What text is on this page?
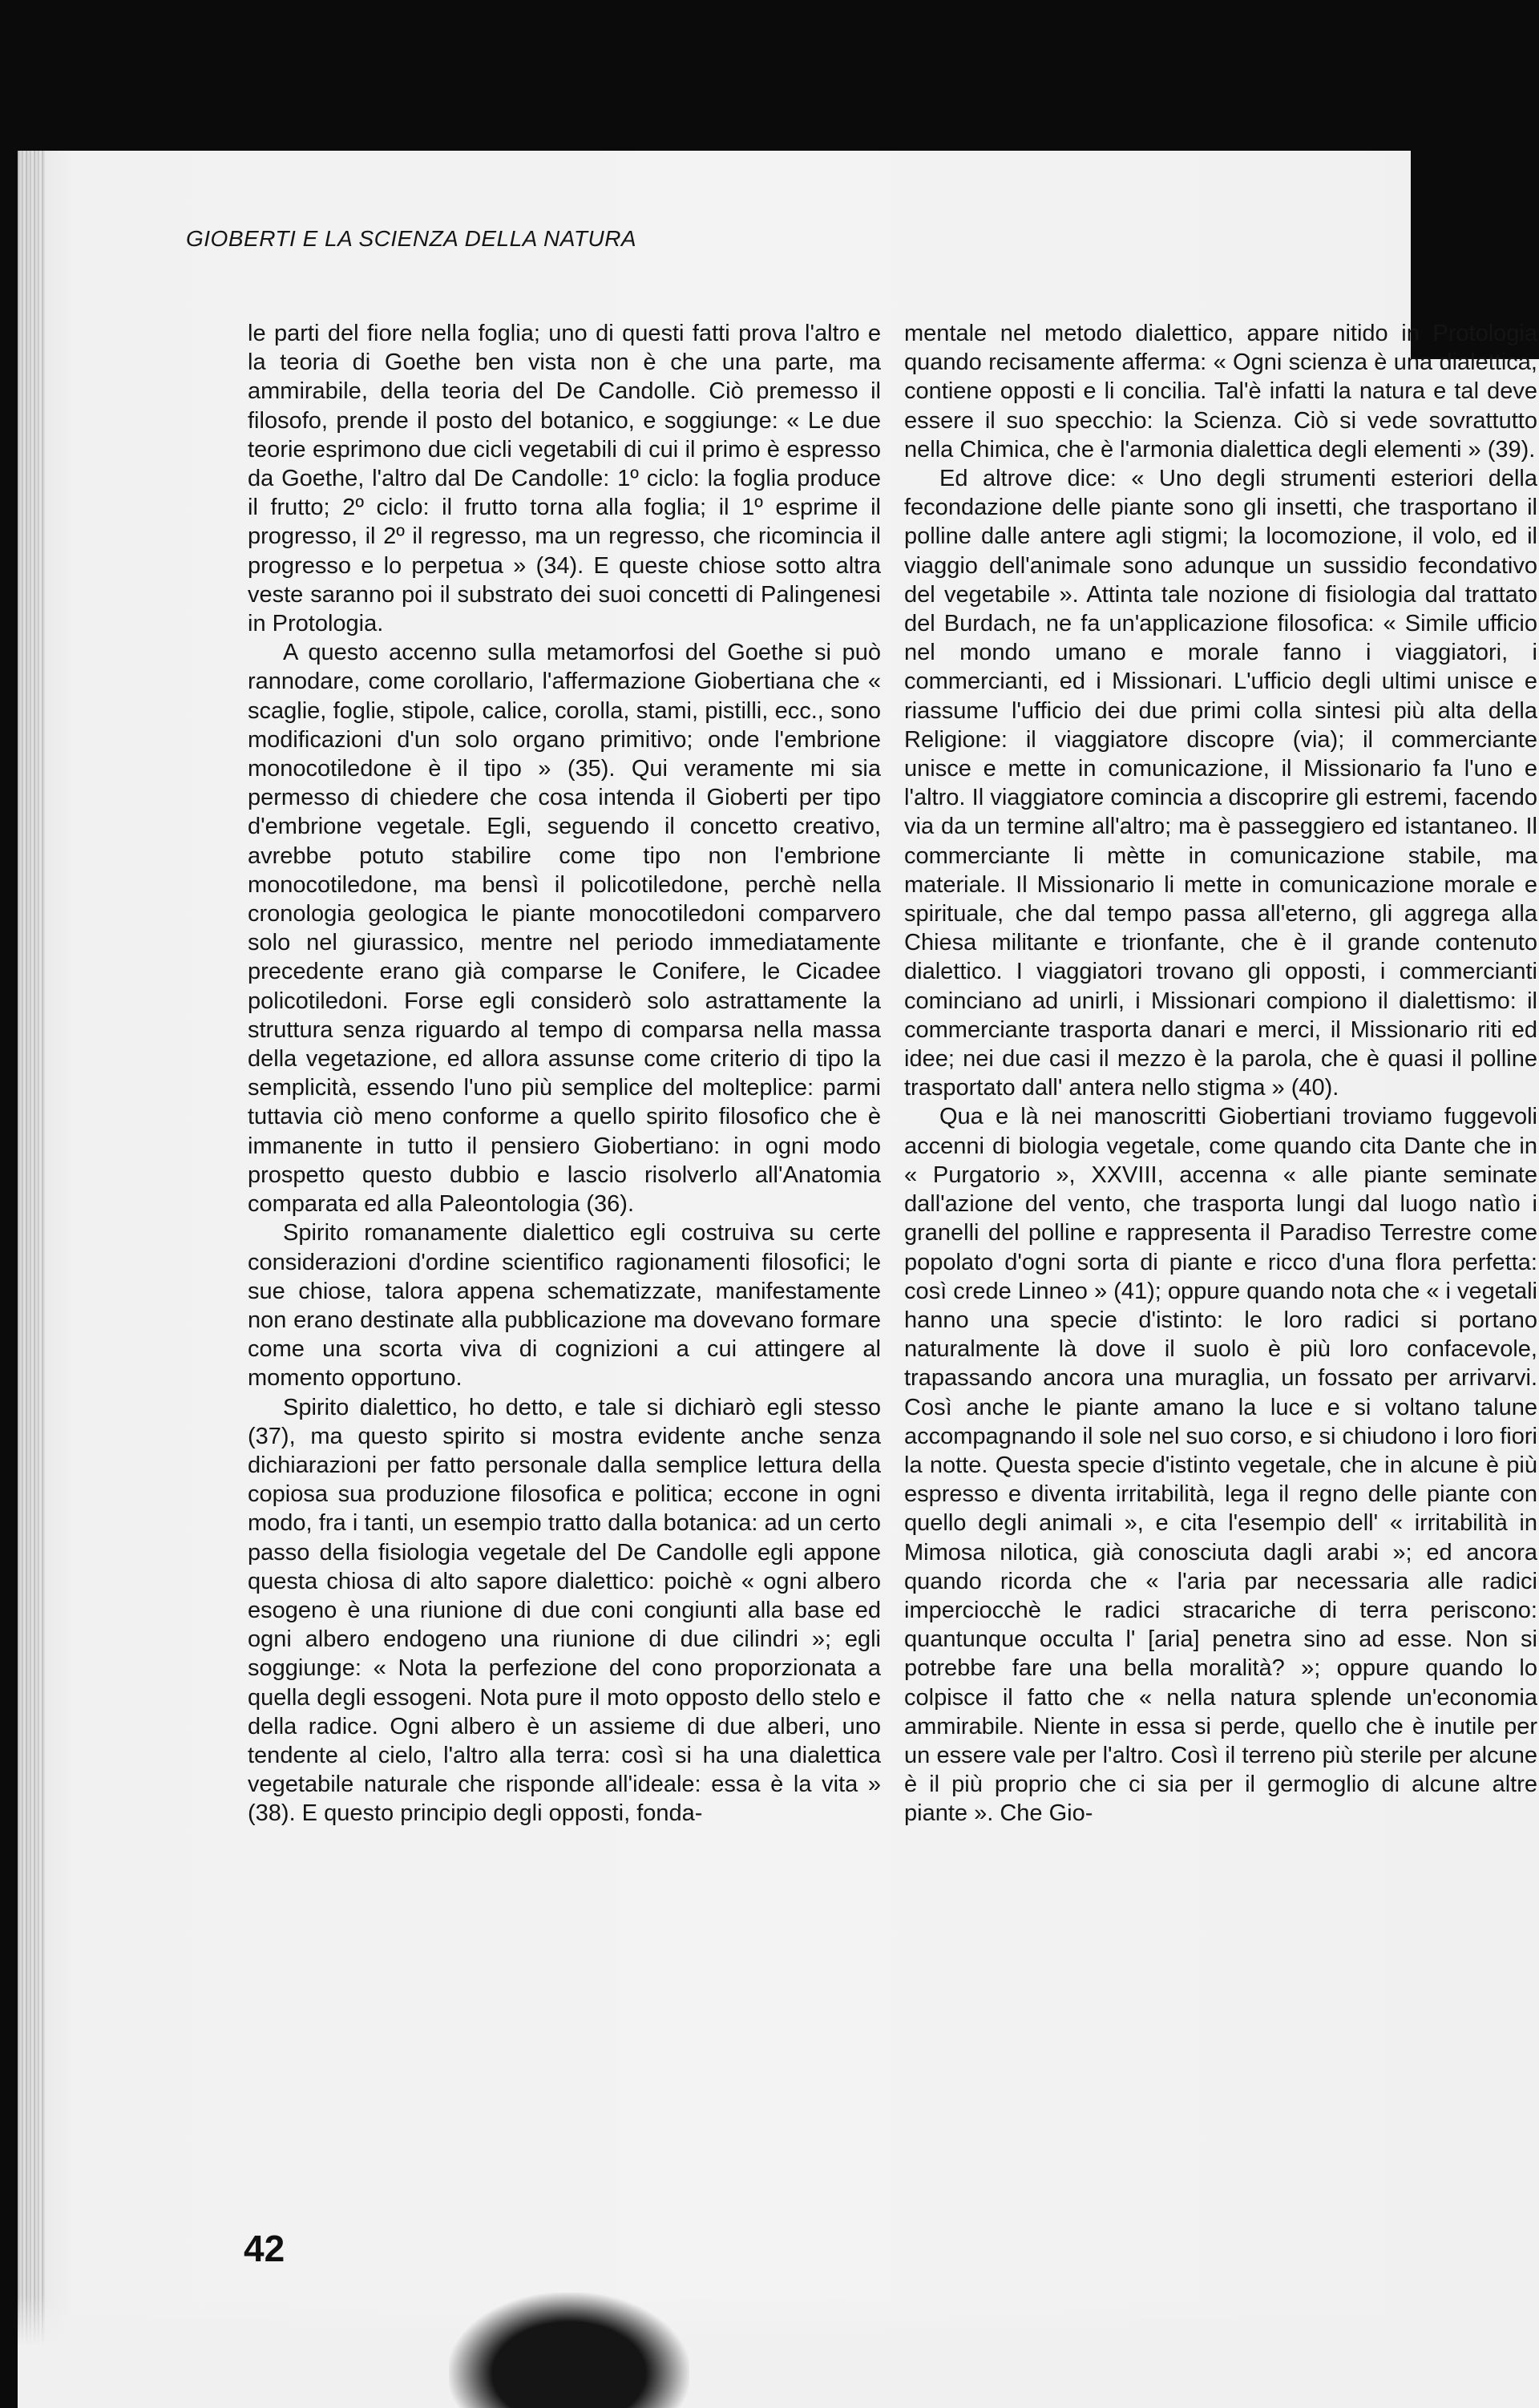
GIOBERTI E LA SCIENZA DELLA NATURA

le parti del fiore nella foglia; uno di questi fatti prova l'altro e la teoria di Goethe ben vista non è che una parte, ma ammirabile, della teoria del De Candolle. Ciò premesso il filosofo, prende il posto del botanico, e soggiunge: « Le due teorie esprimono due cicli vegetabili di cui il primo è espresso da Goethe, l'altro dal De Candolle: 1º ciclo: la foglia produce il frutto; 2º ciclo: il frutto torna alla foglia; il 1º esprime il progresso, il 2º il regresso, ma un regresso, che ricomincia il progresso e lo perpetua » (34). E queste chiose sotto altra veste saranno poi il substrato dei suoi concetti di Palingenesi in Protologia.

A questo accenno sulla metamorfosi del Goethe si può rannodare, come corollario, l'affermazione Giobertiana che « scaglie, foglie, stipole, calice, corolla, stami, pistilli, ecc., sono modificazioni d'un solo organo primitivo; onde l'embrione monocotiledone è il tipo » (35). Qui veramente mi sia permesso di chiedere che cosa intenda il Gioberti per tipo d'embrione vegetale. Egli, seguendo il concetto creativo, avrebbe potuto stabilire come tipo non l'embrione monocotiledone, ma bensì il policotiledone, perchè nella cronologia geologica le piante monocotiledoni comparvero solo nel giurassico, mentre nel periodo immediatamente precedente erano già comparse le Conifere, le Cicadee policotiledoni. Forse egli considerò solo astrattamente la struttura senza riguardo al tempo di comparsa nella massa della vegetazione, ed allora assunse come criterio di tipo la semplicità, essendo l'uno più semplice del molteplice: parmi tuttavia ciò meno conforme a quello spirito filosofico che è immanente in tutto il pensiero Giobertiano: in ogni modo prospetto questo dubbio e lascio risolverlo all'Anatomia comparata ed alla Paleontologia (36).

Spirito romanamente dialettico egli costruiva su certe considerazioni d'ordine scientifico ragionamenti filosofici; le sue chiose, talora appena schematizzate, manifestamente non erano destinate alla pubblicazione ma dovevano formare come una scorta viva di cognizioni a cui attingere al momento opportuno.

Spirito dialettico, ho detto, e tale si dichiarò egli stesso (37), ma questo spirito si mostra evidente anche senza dichiarazioni per fatto personale dalla semplice lettura della copiosa sua produzione filosofica e politica; eccone in ogni modo, fra i tanti, un esempio tratto dalla botanica: ad un certo passo della fisiologia vegetale del De Candolle egli appone questa chiosa di alto sapore dialettico: poichè « ogni albero esogeno è una riunione di due coni congiunti alla base ed ogni albero endogeno una riunione di due cilindri »; egli soggiunge: « Nota la perfezione del cono proporzionata a quella degli essogeni. Nota pure il moto opposto dello stelo e della radice. Ogni albero è un assieme di due alberi, uno tendente al cielo, l'altro alla terra: così si ha una dialettica vegetabile naturale che risponde all'ideale: essa è la vita » (38). E questo principio degli opposti, fonda-

mentale nel metodo dialettico, appare nitido in Protologia quando recisamente afferma: « Ogni scienza è una dialettica, contiene opposti e li concilia. Tal'è infatti la natura e tal deve essere il suo specchio: la Scienza. Ciò si vede sovrattutto nella Chimica, che è l'armonia dialettica degli elementi » (39).

Ed altrove dice: « Uno degli strumenti esteriori della fecondazione delle piante sono gli insetti, che trasportano il polline dalle antere agli stigmi; la locomozione, il volo, ed il viaggio dell'animale sono adunque un sussidio fecondativo del vegetabile ». Attinta tale nozione di fisiologia dal trattato del Burdach, ne fa un'applicazione filosofica: « Simile ufficio nel mondo umano e morale fanno i viaggiatori, i commercianti, ed i Missionari. L'ufficio degli ultimi unisce e riassume l'ufficio dei due primi colla sintesi più alta della Religione: il viaggiatore discopre (via); il commerciante unisce e mette in comunicazione, il Missionario fa l'uno e l'altro. Il viaggiatore comincia a discoprire gli estremi, facendo via da un termine all'altro; ma è passeggiero ed istantaneo. Il commerciante li mètte in comunicazione stabile, ma materiale. Il Missionario li mette in comunicazione morale e spirituale, che dal tempo passa all'eterno, gli aggrega alla Chiesa militante e trionfante, che è il grande contenuto dialettico. I viaggiatori trovano gli opposti, i commercianti cominciano ad unirli, i Missionari compiono il dialettismo: il commerciante trasporta danari e merci, il Missionario riti ed idee; nei due casi il mezzo è la parola, che è quasi il polline trasportato dall' antera nello stigma » (40).

Qua e là nei manoscritti Giobertiani troviamo fuggevoli accenni di biologia vegetale, come quando cita Dante che in « Purgatorio », XXVIII, accenna « alle piante seminate dall'azione del vento, che trasporta lungi dal luogo natìo i granelli del polline e rappresenta il Paradiso Terrestre come popolato d'ogni sorta di piante e ricco d'una flora perfetta: così crede Linneo » (41); oppure quando nota che « i vegetali hanno una specie d'istinto: le loro radici si portano naturalmente là dove il suolo è più loro confacevole, trapassando ancora una muraglia, un fossato per arrivarvi. Così anche le piante amano la luce e si voltano talune accompagnando il sole nel suo corso, e si chiudono i loro fiori la notte. Questa specie d'istinto vegetale, che in alcune è più espresso e diventa irritabilità, lega il regno delle piante con quello degli animali », e cita l'esempio dell' « irritabilità in Mimosa nilotica, già conosciuta dagli arabi »; ed ancora quando ricorda che « l'aria par necessaria alle radici imperciocchè le radici stracariche di terra periscono: quantunque occulta l' [aria] penetra sino ad esse. Non si potrebbe fare una bella moralità? »; oppure quando lo colpisce il fatto che « nella natura splende un'economia ammirabile. Niente in essa si perde, quello che è inutile per un essere vale per l'altro. Così il terreno più sterile per alcune è il più proprio che ci sia per il germoglio di alcune altre piante ». Che Gio-

42
